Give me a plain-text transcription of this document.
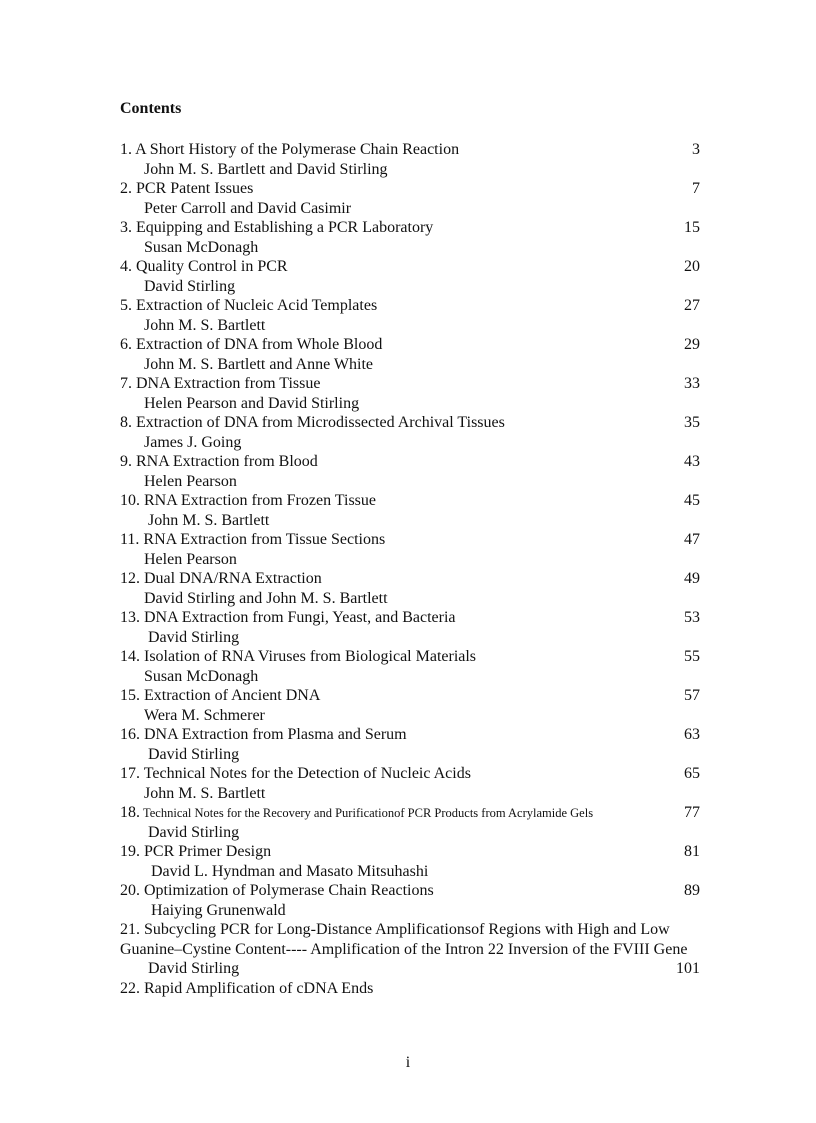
Contents
1. A Short History of the Polymerase Chain Reaction	3
John M. S. Bartlett and David Stirling
2. PCR Patent Issues	7
Peter Carroll and David Casimir
3. Equipping and Establishing a PCR Laboratory	15
Susan McDonagh
4. Quality Control in PCR	20
David Stirling
5. Extraction of Nucleic Acid Templates	27
John M. S. Bartlett
6. Extraction of DNA from Whole Blood	29
John M. S. Bartlett and Anne White
7. DNA Extraction from Tissue	33
Helen Pearson and David Stirling
8. Extraction of DNA from Microdissected Archival Tissues	35
James J. Going
9. RNA Extraction from Blood	43
Helen Pearson
10. RNA Extraction from Frozen Tissue	45
John M. S. Bartlett
11. RNA Extraction from Tissue Sections	47
Helen Pearson
12. Dual DNA/RNA Extraction	49
David Stirling and John M. S. Bartlett
13. DNA Extraction from Fungi, Yeast, and Bacteria	53
David Stirling
14. Isolation of RNA Viruses from Biological Materials	55
Susan McDonagh
15. Extraction of Ancient DNA	57
Wera M. Schmerer
16. DNA Extraction from Plasma and Serum	63
David Stirling
17. Technical Notes for the Detection of Nucleic Acids	65
John M. S. Bartlett
18. Technical Notes for the Recovery and Purificationof PCR Products from Acrylamide Gels	77
David Stirling
19. PCR Primer Design	81
David L. Hyndman and Masato Mitsuhashi
20. Optimization of Polymerase Chain Reactions	89
Haiying Grunenwald
21. Subcycling PCR for Long-Distance Amplificationsof Regions with High and Low
Guanine–Cystine Content---- Amplification of the Intron 22 Inversion of the FVIII Gene
David Stirling	101
22. Rapid Amplification of cDNA Ends
i
